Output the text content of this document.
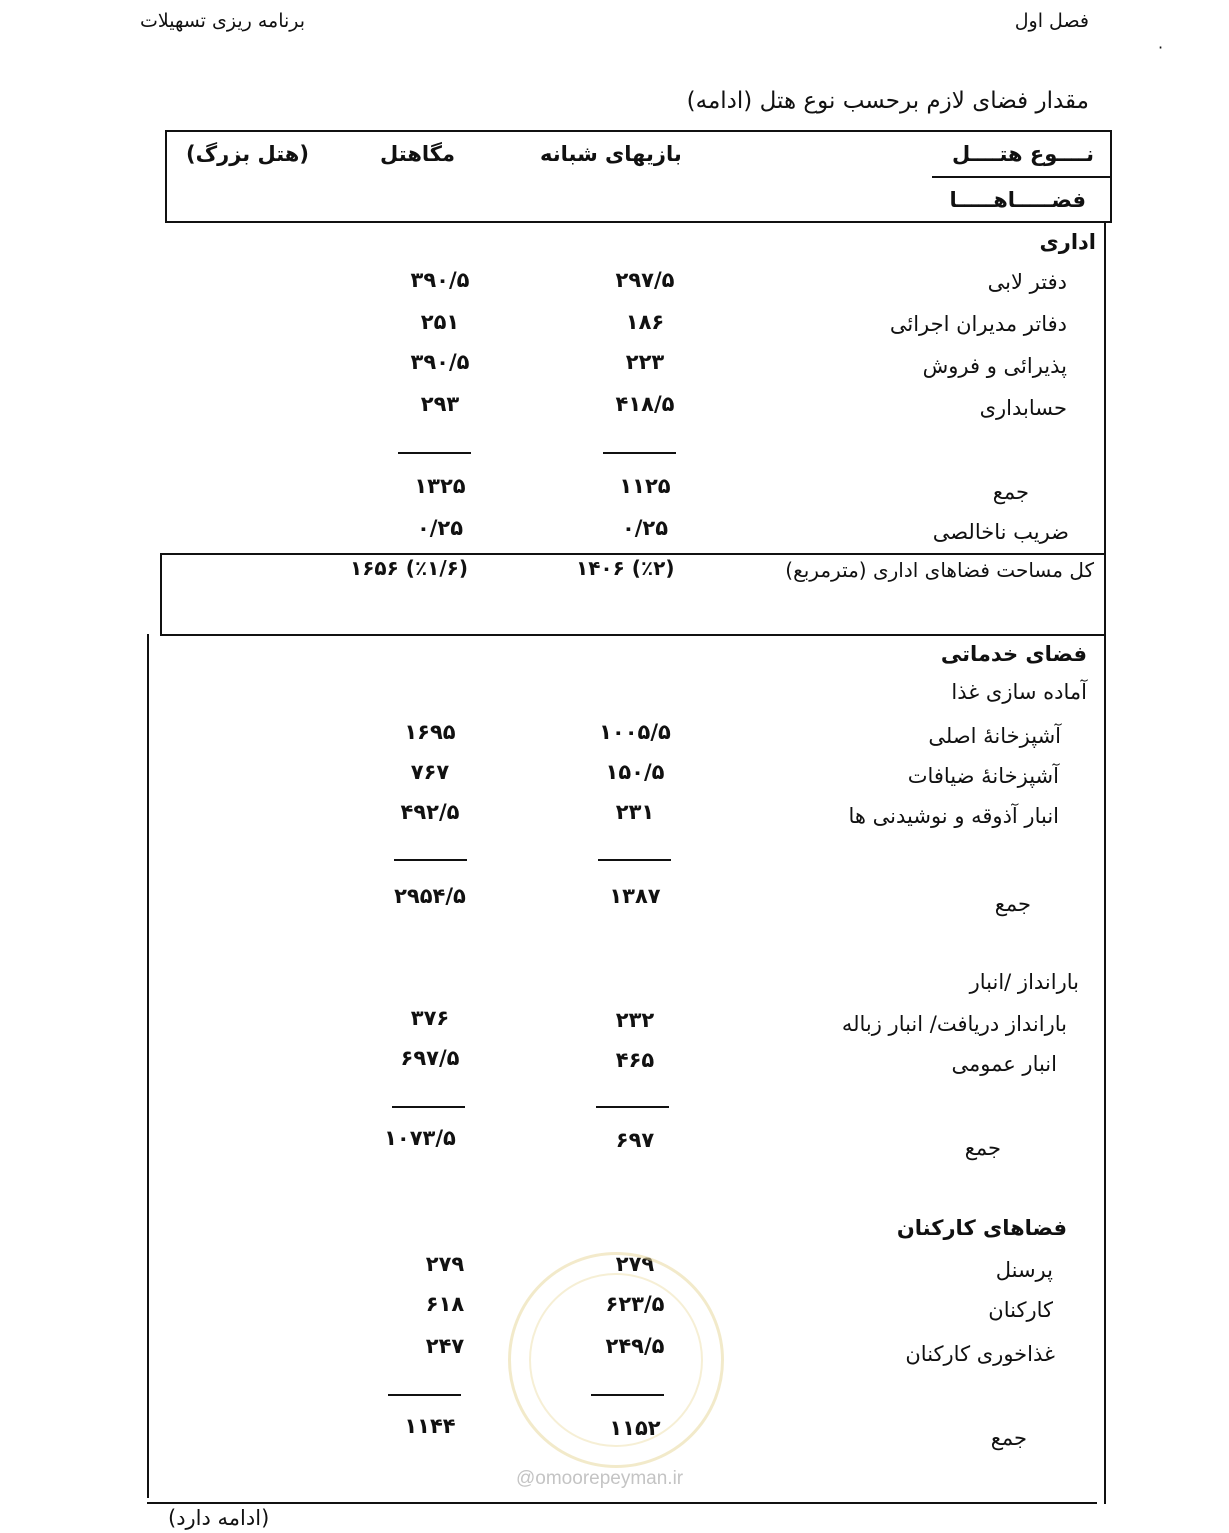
فصل اول
برنامه ریزی تسهیلات
·
مقدار فضای لازم برحسب نوع هتل (ادامه)
نــــوع هتــــل
فضـــــاهـــــا
بازیهای شبانه
مگاهتل
(هتل بزرگ)
اداری
دفتر لابی
۲۹۷/۵
۳۹۰/۵
دفاتر مدیران اجرائی
۱۸۶
۲۵۱
پذیرائی و فروش
۲۲۳
۳۹۰/۵
حسابداری
۴۱۸/۵
۲۹۳
جمع
۱۱۲۵
۱۳۲۵
ضریب ناخالصی
۰/۲۵
۰/۲۵
کل مساحت فضاهای اداری (مترمربع)
(٪۲) ۱۴۰۶
(٪۱/۶) ۱۶۵۶
فضای خدماتی
آماده سازی غذا
آشپزخانهٔ اصلی
۱۰۰۵/۵
۱۶۹۵
آشپزخانهٔ ضیافات
۱۵۰/۵
۷۶۷
انبار آذوقه و نوشیدنی ها
۲۳۱
۴۹۲/۵
جمع
۱۳۸۷
۲۹۵۴/۵
بارانداز /انبار
بارانداز دریافت/ انبار زباله
۲۳۲
۳۷۶
انبار عمومی
۴۶۵
۶۹۷/۵
جمع
۶۹۷
۱۰۷۳/۵
فضاهای کارکنان
پرسنل
۲۷۹
۲۷۹
کارکنان
۶۲۳/۵
۶۱۸
غذاخوری کارکنان
۲۴۹/۵
۲۴۷
جمع
۱۱۵۲
۱۱۴۴
@omoorepeyman.ir
(ادامه دارد)
